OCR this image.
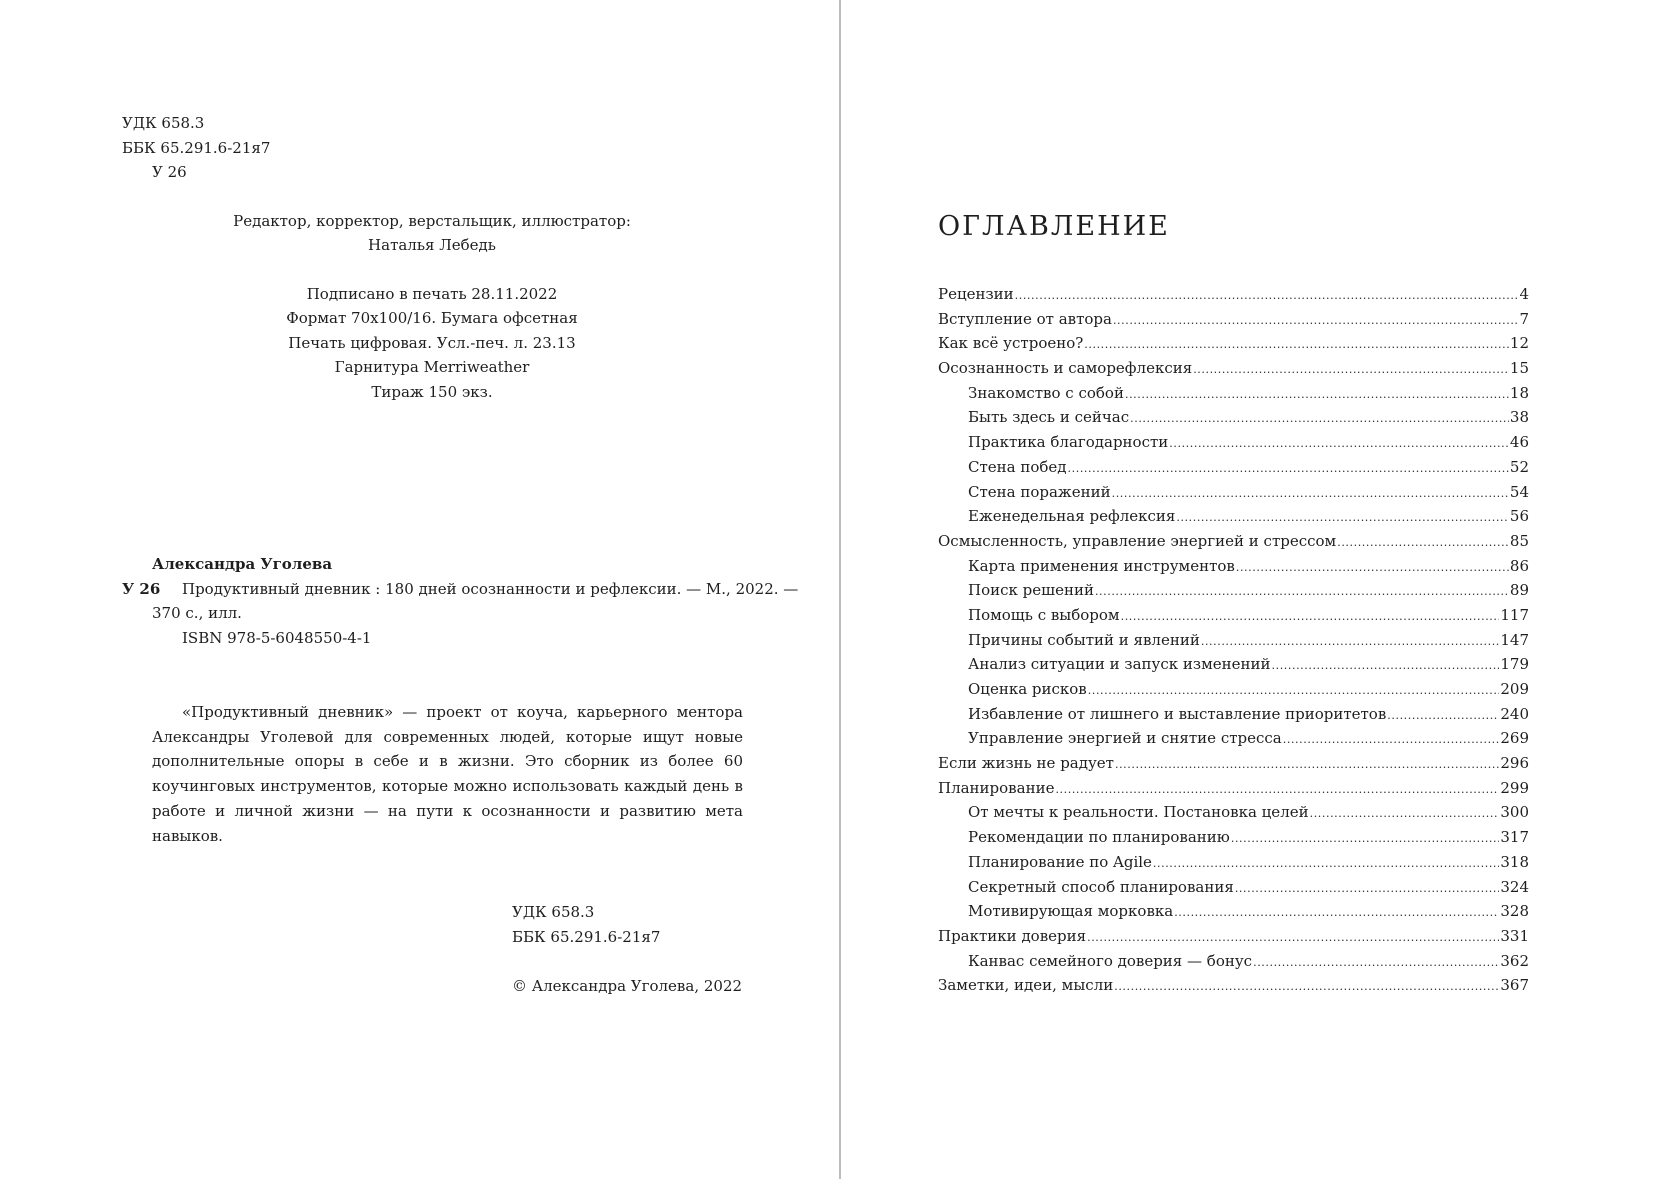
УДК 658.3
ББК 65.291.6-21я7
У 26
Редактор, корректор, верстальщик, иллюстратор:
Наталья Лебедь
Подписано в печать 28.11.2022
Формат 70х100/16. Бумага офсетная
Печать цифровая. Усл.-печ. л. 23.13
Гарнитура Merriweather
Тираж 150 экз.
Александра Уголева
У 26 Продуктивный дневник : 180 дней осознанности и рефлексии. — М., 2022. —
370 с., илл.
ISBN 978-5-6048550-4-1

«Продуктивный дневник» — проект от коуча, карьерного ментора Александры Уголевой для современных людей, которые ищут новые дополнительные опоры в себе и в жизни. Это сборник из более 60 коучинговых инструментов, которые можно использовать каждый день в работе и личной жизни — на пути к осознанности и развитию мета навыков.

УДК 658.3
ББК 65.291.6-21я7
© Александра Уголева, 2022
ОГЛАВЛЕНИЕ
Рецензии .....	4
Вступление от автора .....	7
Как всё устроено? .....	12
Осознанность и саморефлексия .....	15
Знакомство с собой .....	18
Быть здесь и сейчас .....	38
Практика благодарности .....	46
Стена побед .....	52
Стена поражений .....	54
Еженедельная рефлексия .....	56
Осмысленность, управление энергией и стрессом .....	85
Карта применения инструментов .....	86
Поиск решений .....	89
Помощь с выбором .....	117
Причины событий и явлений .....	147
Анализ ситуации и запуск изменений .....	179
Оценка рисков .....	209
Избавление от лишнего и выставление приоритетов .....	240
Управление энергией и снятие стресса .....	269
Если жизнь не радует .....	296
Планирование .....	299
От мечты к реальности. Постановка целей .....	300
Рекомендации по планированию .....	317
Планирование по Agile .....	318
Секретный способ планирования .....	324
Мотивирующая морковка .....	328
Практики доверия .....	331
Канвас семейного доверия — бонус .....	362
Заметки, идеи, мысли .....	367
